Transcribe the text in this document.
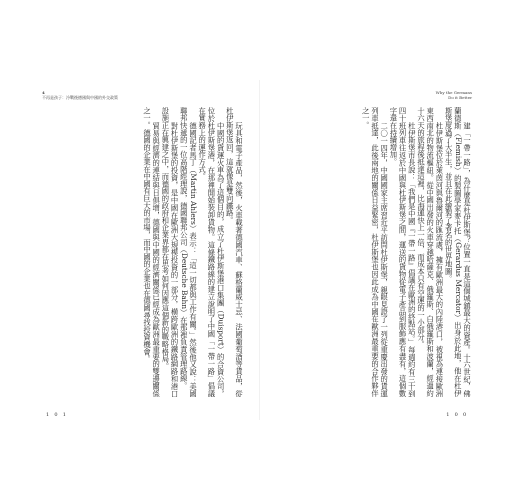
4
不再是孩子：冷戰後德國與中國的外交政策

玩具和電子產品，然後，火車載著德國汽車、蘇格蘭威士忌、法國葡萄酒等貨品，從杜伊斯堡返回，這就像是雙向鐵路。

中國的貨運火車為了這個目的，成立了杜伊斯堡港口集團（Duisport）的合資公司，位於杜伊斯堡港，在那裡開始裝卸貨物。這條鐵路線的建立說明了中國「一帶一路」倡議在實務上的運作方式。

德國記者馬丁（Martin Ahlers）表示：「這一切都與工作有關。」然後他又說：美國聯邦快遞的一位高階經理說，德國聯邦公司（Deutsche Bahn）在那裡負責管理路線。

對杜伊斯堡的投資，是中國在歐洲大規模投資的一部分，横跨歐洲的鐵路網路和港口設施正在興建之中，而德國的政府和企業界都在思考如何因應這個新的戰略格局。

貿易與經濟的連結與日俱增，德國與中國的經濟關係已經成為歐洲最重要的雙邊關係之一。德國的企業在中國有巨大的市場，而中國的企業也在德國尋找投資機會。

1 0 1
Why the Germans
Do it Better

建「一帶一路」，為什麼是杜伊斯堡？位置一直是這個城鎮最大的資產。十六世紀，佛蘭德斯（Flemish）的製圖學家麥卡托（Gerardus Mercator）出身於此地，他在杜伊斯堡度過了大半生，並且在此繪製了著名的世界地圖。

杜伊斯堡位於萊茵河與魯爾河的匯流處，擁有歐洲最大的內陸港口，被視為連接歐洲東西南北的物流樞紐。從中國出發的火車穿越哈薩克、俄羅斯、白俄羅斯和波蘭，經過約十六天的旅程後抵達這裡，比海運快上一倍，而成本只有空運的一小部分。

杜伊斯堡市長說：「我們是中國『一帶一路』倡議在歐洲的終點站。」每週約有三十到四十班列車往返於中國與杜伊斯堡之間，運送的貨物從電子產品到服飾應有盡有，這個數字還在持續增加。

二〇一四年，中國國家主席習近平訪問杜伊斯堡，親眼見證了一列從重慶出發的貨運列車抵達，此後兩地的關係日益緊密，杜伊斯堡也因此成為中國在歐洲最重要的合作夥伴之一。

1 0 0
